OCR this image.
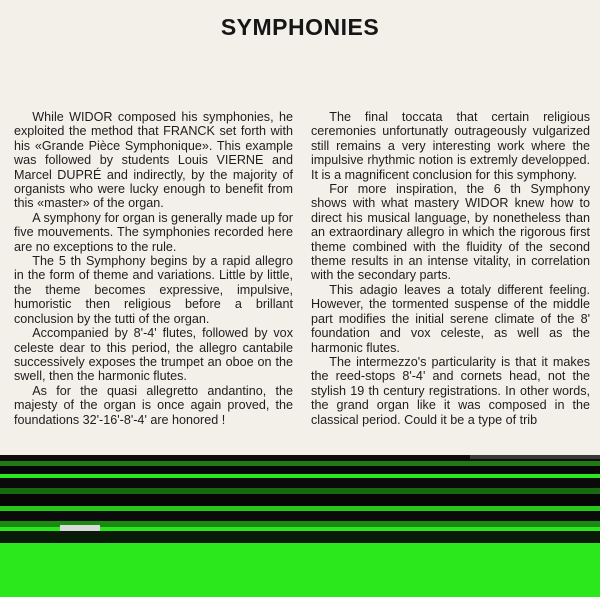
SYMPHONIES

While WIDOR composed his symphonies, he exploited the method that FRANCK set forth with his «Grande Pièce Symphonique». This example was followed by students Louis VIERNE and Marcel DUPRÉ and indirectly, by the majority of organists who were lucky enough to benefit from this «master» of the organ.

A symphony for organ is generally made up for five mouvements. The symphonies recorded here are no exceptions to the rule.

The 5 th Symphony begins by a rapid allegro in the form of theme and variations. Little by little, the theme becomes expressive, impulsive, humoristic then religious before a brillant conclusion by the tutti of the organ.

Accompanied by 8'-4' flutes, followed by vox celeste dear to this period, the allegro cantabile successively exposes the trumpet an oboe on the swell, then the harmonic flutes.

As for the quasi allegretto andantino, the majesty of the organ is once again proved, the foundations 32'-16'-8'-4' are honored !

The final toccata that certain religious ceremonies unfortunatly outrageously vulgarized still remains a very interesting work where the impulsive rhythmic notion is extremly developped. It is a magnificent conclusion for this symphony.

For more inspiration, the 6 th Symphony shows with what mastery WIDOR knew how to direct his musical language, by nonetheless than an extraordinary allegro in which the rigorous first theme combined with the fluidity of the second theme results in an intense vitality, in correlation with the secondary parts.

This adagio leaves a totaly different feeling. However, the tormented suspense of the middle part modifies the initial serene climate of the 8' foundation and vox celeste, as well as the harmonic flutes.

The intermezzo's particularity is that it makes the reed-stops 8'-4' and cornets head, not the stylish 19 th century registrations. In other words, the grand organ like it was composed in the classical period. Could it be a type of trib
